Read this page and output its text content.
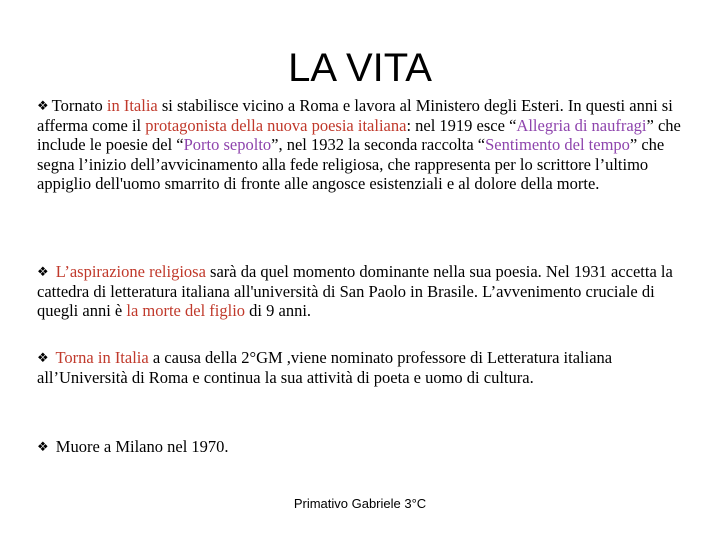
LA VITA

❖ Tornato in Italia si stabilisce vicino a Roma e lavora al Ministero degli Esteri. In questi anni si afferma come il protagonista della nuova poesia italiana: nel 1919 esce “Allegria di naufragi” che include le poesie del “Porto sepolto”, nel 1932 la seconda raccolta “Sentimento del tempo” che segna l’inizio dell’avvicinamento alla fede religiosa, che rappresenta per lo scrittore l’ultimo appiglio dell'uomo smarrito di fronte alle angosce esistenziali e al dolore della morte.

❖ L’aspirazione religiosa sarà da quel momento dominante nella sua poesia. Nel 1931 accetta la cattedra di letteratura italiana all'università di San Paolo in Brasile. L’avvenimento cruciale di quegli anni è la morte del figlio di 9 anni.

❖ Torna in Italia a causa della 2°GM ,viene nominato professore di Letteratura italiana all’Università di Roma e continua la sua attività di poeta e uomo di cultura.

❖ Muore a Milano nel 1970.

Primativo Gabriele 3°C
